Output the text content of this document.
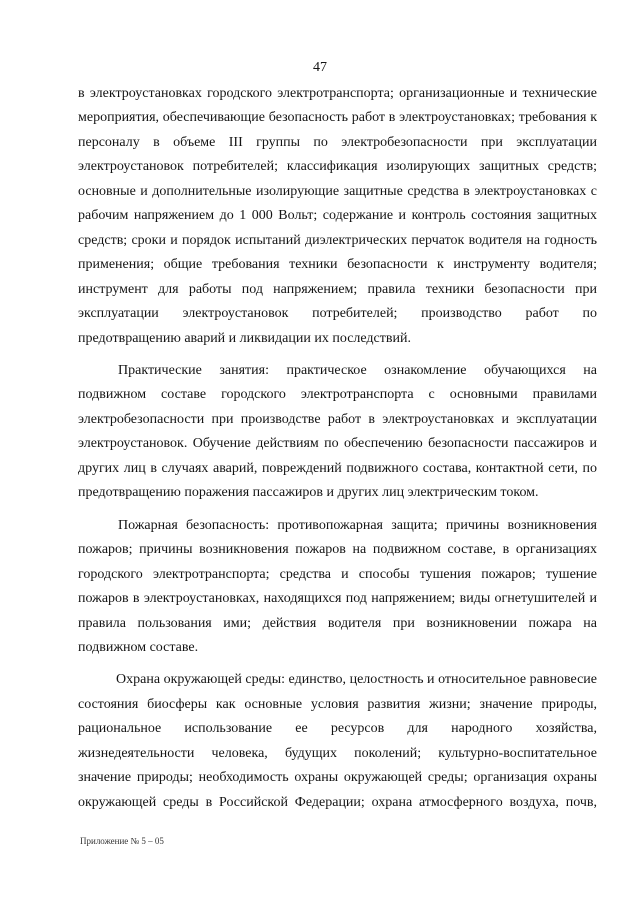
47

в электроустановках городского электротранспорта; организационные и технические мероприятия, обеспечивающие безопасность работ в электроустановках; требования к персоналу в объеме III группы по электробезопасности при эксплуатации электроустановок потребителей; классификация изолирующих защитных средств; основные и дополнительные изолирующие защитные средства в электроустановках с рабочим напряжением до 1 000 Вольт; содержание и контроль состояния защитных средств; сроки и порядок испытаний диэлектрических перчаток водителя на годность применения; общие требования техники безопасности к инструменту водителя; инструмент для работы под напряжением; правила техники безопасности при эксплуатации электроустановок потребителей; производство работ по предотвращению аварий и ликвидации их последствий.

Практические занятия: практическое ознакомление обучающихся на подвижном составе городского электротранспорта с основными правилами электробезопасности при производстве работ в электроустановках и эксплуатации электроустановок. Обучение действиям по обеспечению безопасности пассажиров и других лиц в случаях аварий, повреждений подвижного состава, контактной сети, по предотвращению поражения пассажиров и других лиц электрическим током.

Пожарная безопасность: противопожарная защита; причины возникновения пожаров; причины возникновения пожаров на подвижном составе, в организациях городского электротранспорта; средства и способы тушения пожаров; тушение пожаров в электроустановках, находящихся под напряжением; виды огнетушителей и правила пользования ими; действия водителя при возникновении пожара на подвижном составе.

Охрана окружающей среды: единство, целостность и относительное равновесие состояния биосферы как основные условия развития жизни; значение природы, рациональное использование ее ресурсов для народного хозяйства, жизнедеятельности человека, будущих поколений; культурно-воспитательное значение природы; необходимость охраны окружающей среды; организация охраны окружающей среды в Российской Федерации; охрана атмосферного воздуха, почв,

Приложение № 5 – 05
